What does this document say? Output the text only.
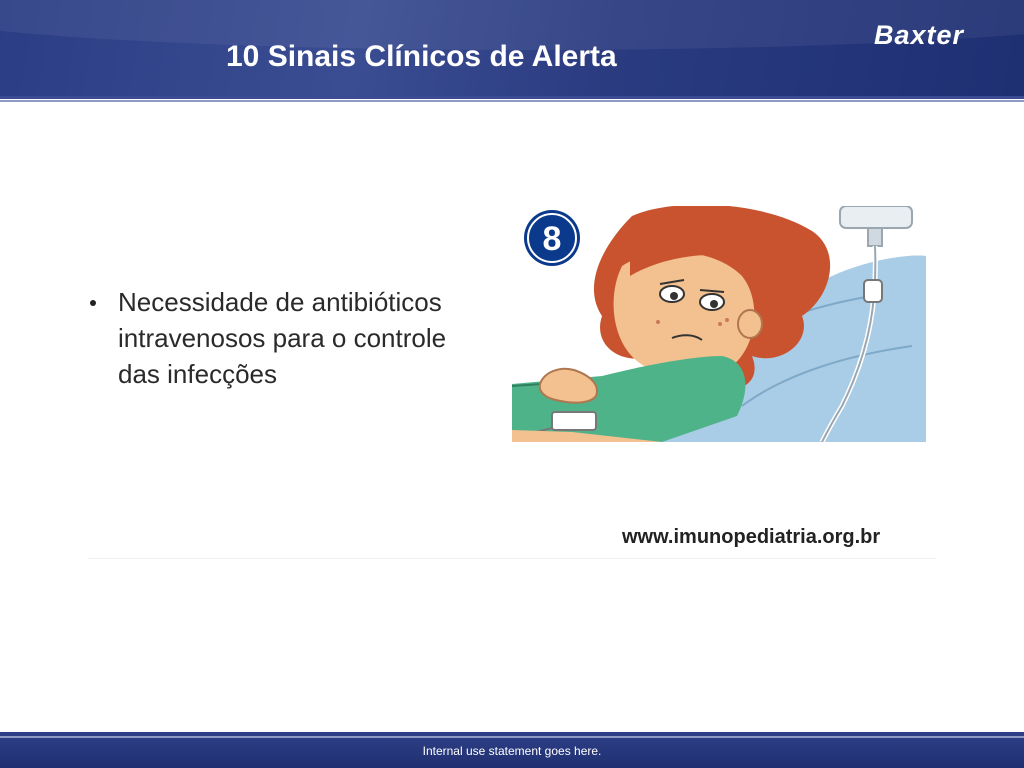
10 Sinais Clínicos de Alerta
Baxter
Necessidade de antibióticos intravenosos para o controle das infecções
8
www.imunopediatria.org.br
Internal use statement goes here.
